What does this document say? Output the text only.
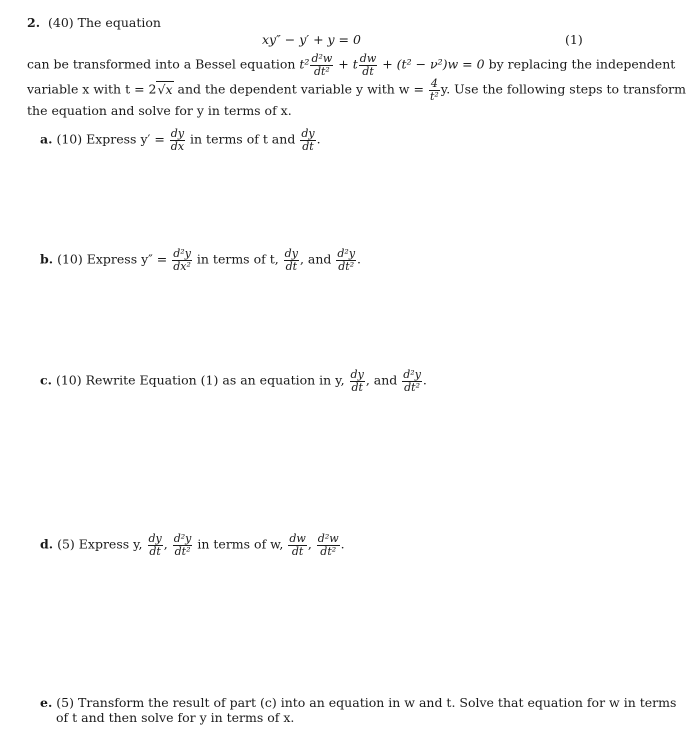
2. (40) The equation
xy″ − y′ + y = 0	(1)
can be transformed into a Bessel equation $t^2 \frac{\text{d²w}}{\text{dt²}} + t \frac{dw}{dt} + (t^2 - \nu^2)w = 0$ by replacing the independent
variable x with t = 2√x and the dependent variable y with $w = \frac{4}{\text{t²}} y$. Use the following steps to transform
the equation and solve for y in terms of x.
a. (10) Express $y' = \frac{dy}{dx}$ in terms of t and $\frac{dy}{dt}$ .
b. (10) Express $y'' = \frac{\text{d²y}}{\text{dx²}}$ in terms of t, $\frac{dy}{dt}$ , and $\frac{\text{d²y}}{\text{dt²}}$ .
c. (10) Rewrite Equation (1) as an equation in y, $\frac{dy}{dt}$ , and $\frac{\text{d²y}}{\text{dt²}}$ .
d. (5) Express y, $\frac{dy}{dt}$ , $\frac{\text{d²y}}{\text{dt²}}$ in terms of w, $\frac{dw}{dt}$ , $\frac{\text{d²w}}{\text{dt²}}$ .
e. (5) Transform the result of part (c) into an equation in w and t. Solve that equation for w in terms
of t and then solve for y in terms of x.
